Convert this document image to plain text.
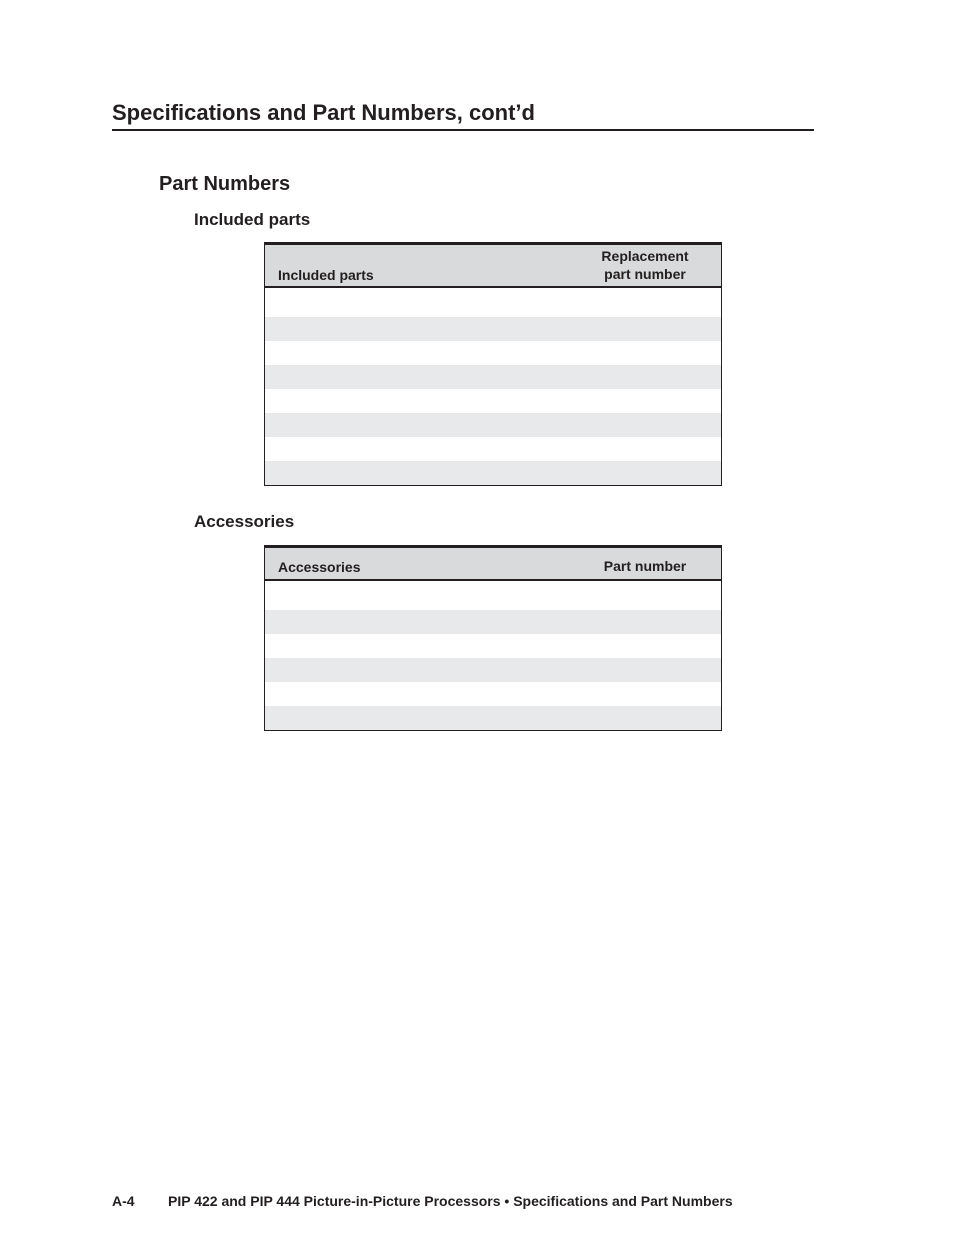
Specifications and Part Numbers, cont’d
Part Numbers
Included parts
Included parts	Replacement
part number

Accessories
Accessories	Part number

A-4 PIP 422 and PIP 444 Picture-in-Picture Processors • Specifications and Part Numbers
